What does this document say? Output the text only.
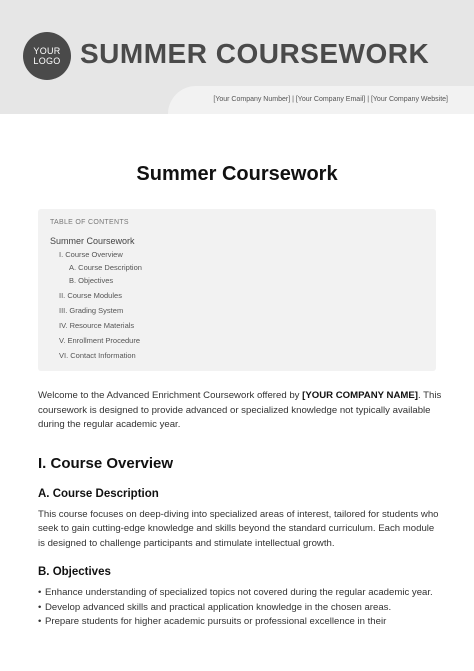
YOUR
LOGO SUMMER COURSEWORK
[Your Company Number] | [Your Company Email] | [Your Company Website]
Summer Coursework
TABLE OF CONTENTS
Summer Coursework
I. Course Overview
A. Course Description
B. Objectives
II. Course Modules
III. Grading System
IV. Resource Materials
V. Enrollment Procedure
VI. Contact Information

Welcome to the Advanced Enrichment Coursework offered by [YOUR COMPANY NAME]. This coursework is designed to provide advanced or specialized knowledge not typically available during the regular academic year.

I. Course Overview
A. Course Description

This course focuses on deep-diving into specialized areas of interest, tailored for students who seek to gain cutting-edge knowledge and skills beyond the standard curriculum. Each module is designed to challenge participants and stimulate intellectual growth.

B. Objectives
• Enhance understanding of specialized topics not covered during the regular academic year.
• Develop advanced skills and practical application knowledge in the chosen areas.
• Prepare students for higher academic pursuits or professional excellence in their
